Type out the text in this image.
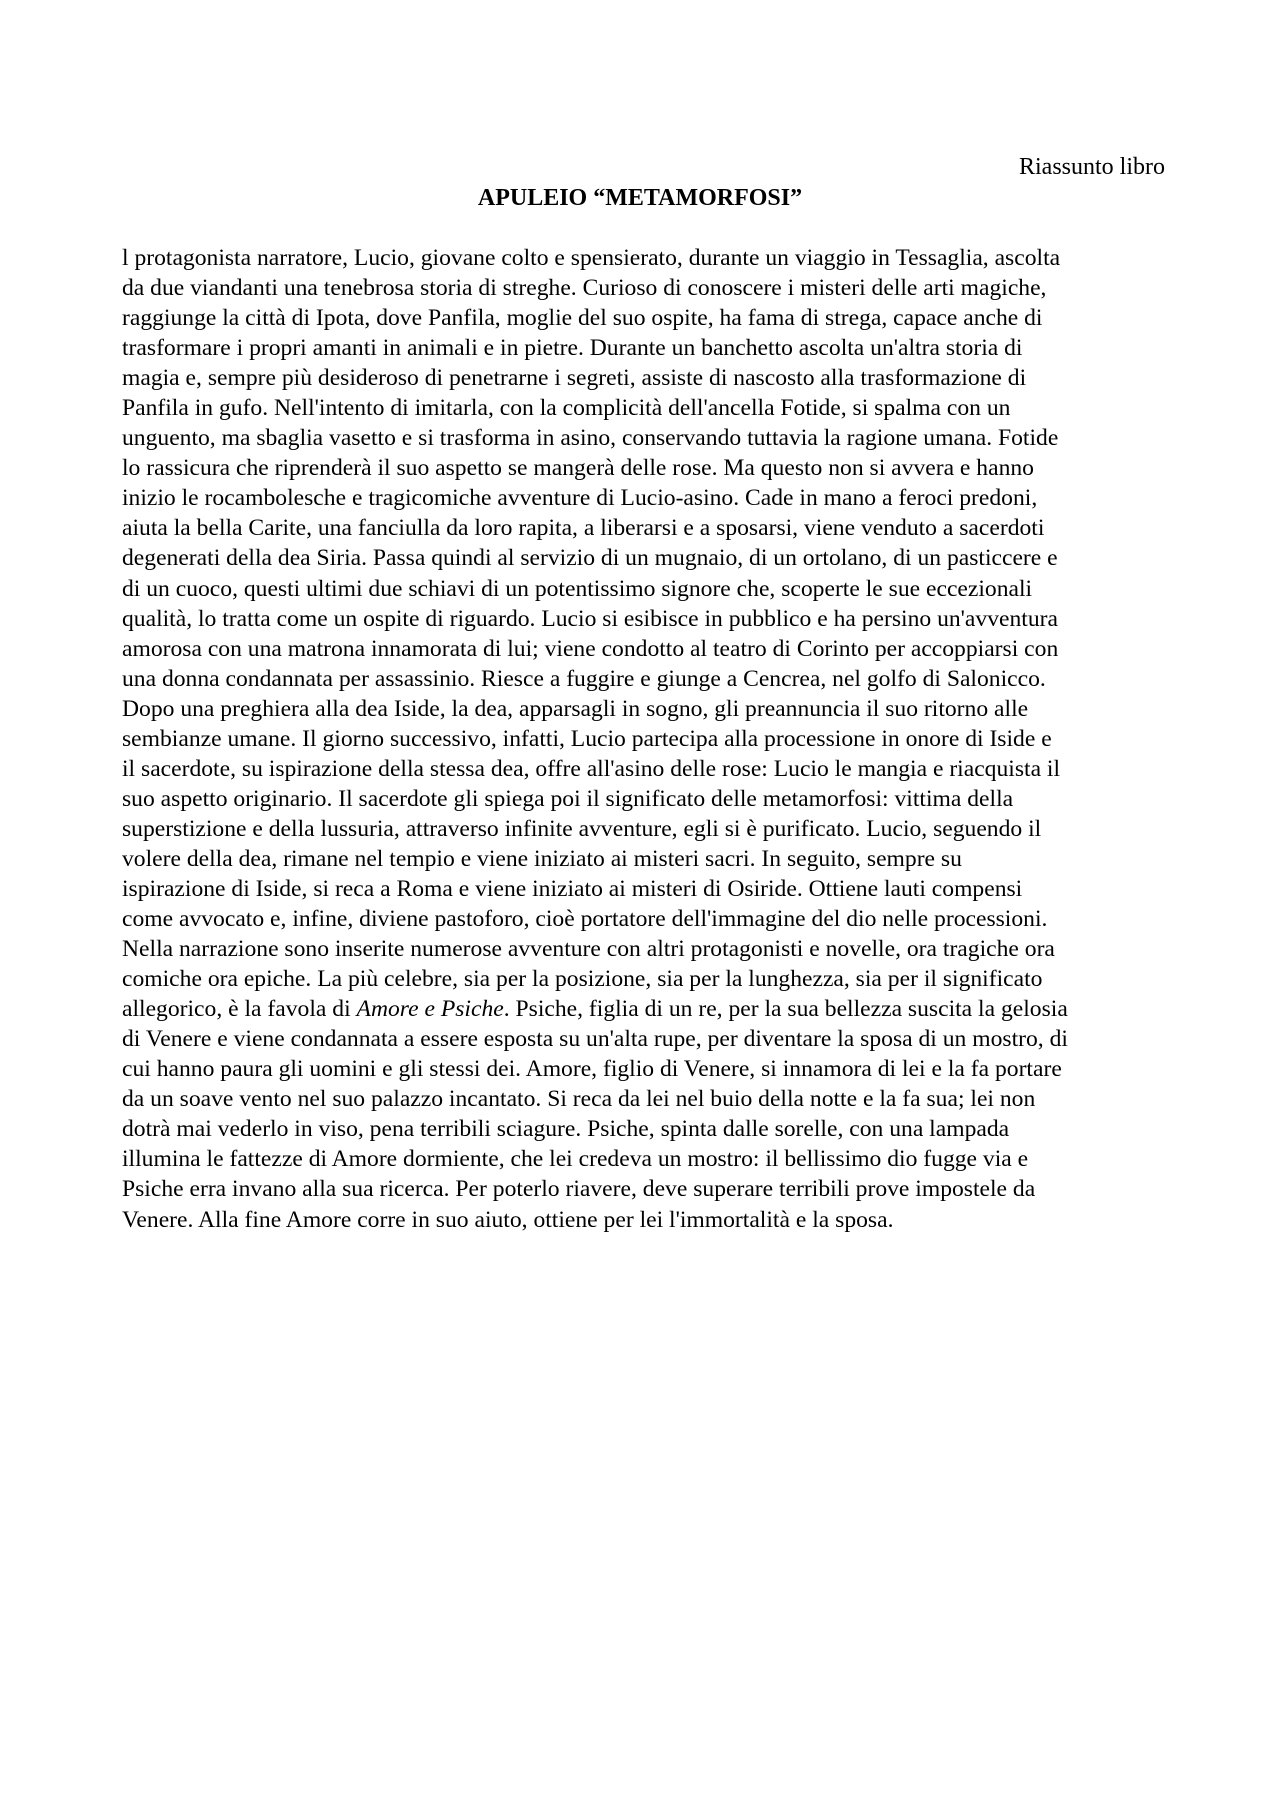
Riassunto libro

APULEIO “METAMORFOSI”
l protagonista narratore, Lucio, giovane colto e spensierato, durante un viaggio in Tessaglia, ascolta
da due viandanti una tenebrosa storia di streghe. Curioso di conoscere i misteri delle arti magiche,
raggiunge la città di Ipota, dove Panfila, moglie del suo ospite, ha fama di strega, capace anche di
trasformare i propri amanti in animali e in pietre. Durante un banchetto ascolta un'altra storia di
magia e, sempre più desideroso di penetrarne i segreti, assiste di nascosto alla trasformazione di
Panfila in gufo. Nell'intento di imitarla, con la complicità dell'ancella Fotide, si spalma con un
unguento, ma sbaglia vasetto e si trasforma in asino, conservando tuttavia la ragione umana. Fotide
lo rassicura che riprenderà il suo aspetto se mangerà delle rose. Ma questo non si avvera e hanno
inizio le rocambolesche e tragicomiche avventure di Lucio-asino. Cade in mano a feroci predoni,
aiuta la bella Carite, una fanciulla da loro rapita, a liberarsi e a sposarsi, viene venduto a sacerdoti
degenerati della dea Siria. Passa quindi al servizio di un mugnaio, di un ortolano, di un pasticcere e
di un cuoco, questi ultimi due schiavi di un potentissimo signore che, scoperte le sue eccezionali
qualità, lo tratta come un ospite di riguardo. Lucio si esibisce in pubblico e ha persino un'avventura
amorosa con una matrona innamorata di lui; viene condotto al teatro di Corinto per accoppiarsi con
una donna condannata per assassinio. Riesce a fuggire e giunge a Cencrea, nel golfo di Salonicco.
Dopo una preghiera alla dea Iside, la dea, apparsagli in sogno, gli preannuncia il suo ritorno alle
sembianze umane. Il giorno successivo, infatti, Lucio partecipa alla processione in onore di Iside e
il sacerdote, su ispirazione della stessa dea, offre all'asino delle rose: Lucio le mangia e riacquista il
suo aspetto originario. Il sacerdote gli spiega poi il significato delle metamorfosi: vittima della
superstizione e della lussuria, attraverso infinite avventure, egli si è purificato. Lucio, seguendo il
volere della dea, rimane nel tempio e viene iniziato ai misteri sacri. In seguito, sempre su
ispirazione di Iside, si reca a Roma e viene iniziato ai misteri di Osiride. Ottiene lauti compensi
come avvocato e, infine, diviene pastoforo, cioè portatore dell'immagine del dio nelle processioni.
Nella narrazione sono inserite numerose avventure con altri protagonisti e novelle, ora tragiche ora
comiche ora epiche. La più celebre, sia per la posizione, sia per la lunghezza, sia per il significato
allegorico, è la favola di Amore e Psiche. Psiche, figlia di un re, per la sua bellezza suscita la gelosia
di Venere e viene condannata a essere esposta su un'alta rupe, per diventare la sposa di un mostro, di
cui hanno paura gli uomini e gli stessi dei. Amore, figlio di Venere, si innamora di lei e la fa portare
da un soave vento nel suo palazzo incantato. Si reca da lei nel buio della notte e la fa sua; lei non
dotrà mai vederlo in viso, pena terribili sciagure. Psiche, spinta dalle sorelle, con una lampada
illumina le fattezze di Amore dormiente, che lei credeva un mostro: il bellissimo dio fugge via e
Psiche erra invano alla sua ricerca. Per poterlo riavere, deve superare terribili prove impostele da
Venere. Alla fine Amore corre in suo aiuto, ottiene per lei l'immortalità e la sposa.
